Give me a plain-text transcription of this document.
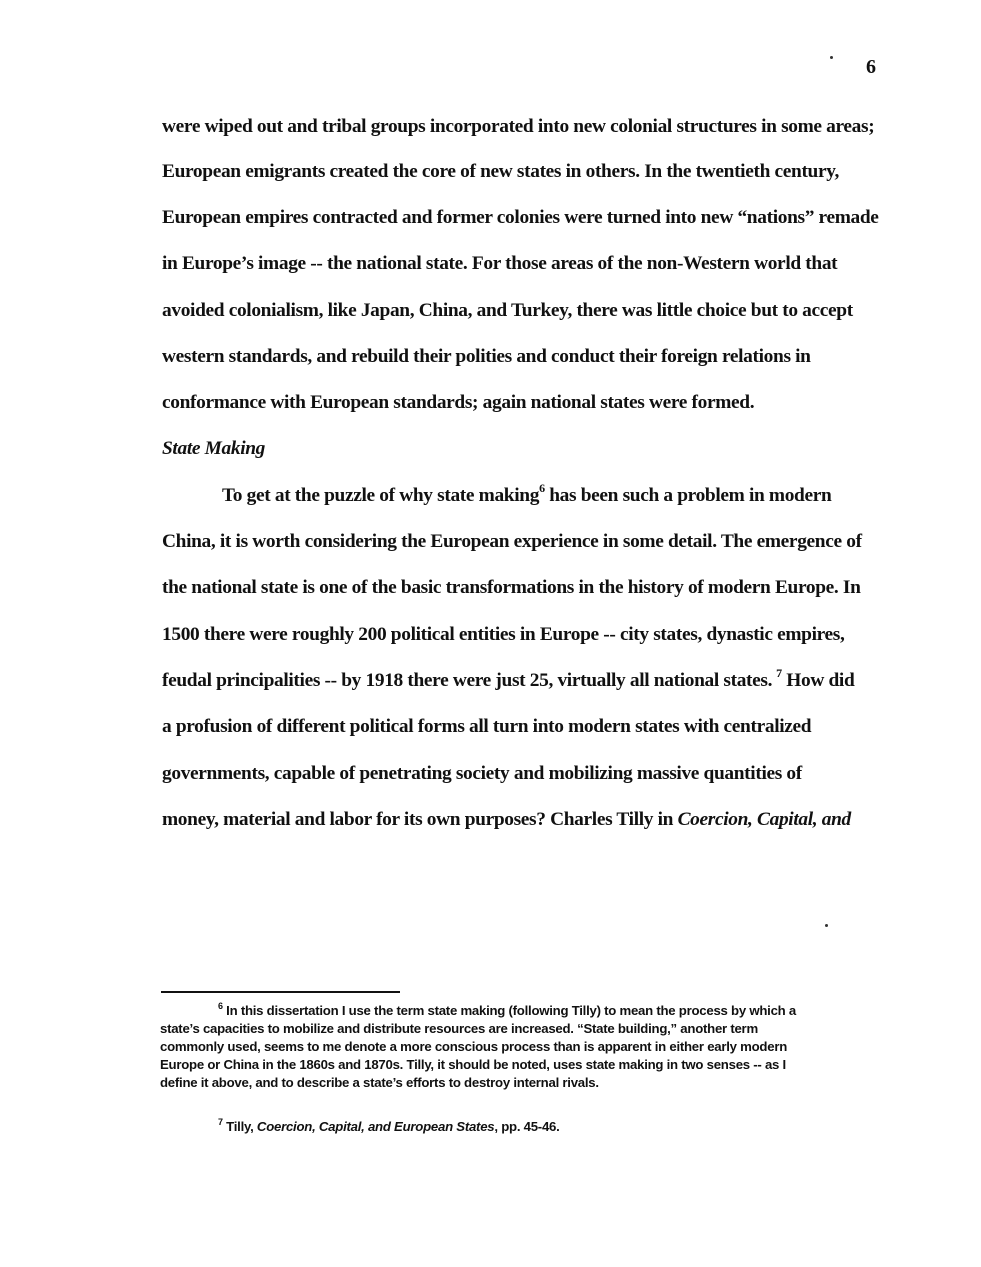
6
were wiped out and tribal groups incorporated into new colonial structures in some areas;
European emigrants created the core of new states in others. In the twentieth century,
European empires contracted and former colonies were turned into new “nations” remade
in Europe’s image -- the national state. For those areas of the non-Western world that
avoided colonialism, like Japan, China, and Turkey, there was little choice but to accept
western standards, and rebuild their polities and conduct their foreign relations in
conformance with European standards; again national states were formed.
State Making
To get at the puzzle of why state making$^6$ has been such a problem in modern
China, it is worth considering the European experience in some detail. The emergence of
the national state is one of the basic transformations in the history of modern Europe. In
1500 there were roughly 200 political entities in Europe -- city states, dynastic empires,
feudal principalities -- by 1918 there were just 25, virtually all national states. $^7$ How did
a profusion of different political forms all turn into modern states with centralized
governments, capable of penetrating society and mobilizing massive quantities of
money, material and labor for its own purposes? Charles Tilly in Coercion, Capital, and
$^6$ In this dissertation I use the term state making (following Tilly) to mean the process by which a
state’s capacities to mobilize and distribute resources are increased. “State building,” another term
commonly used, seems to me denote a more conscious process than is apparent in either early modern
Europe or China in the 1860s and 1870s. Tilly, it should be noted, uses state making in two senses -- as I
define it above, and to describe a state’s efforts to destroy internal rivals.
$^7$ Tilly, Coercion, Capital, and European States, pp. 45-46.
